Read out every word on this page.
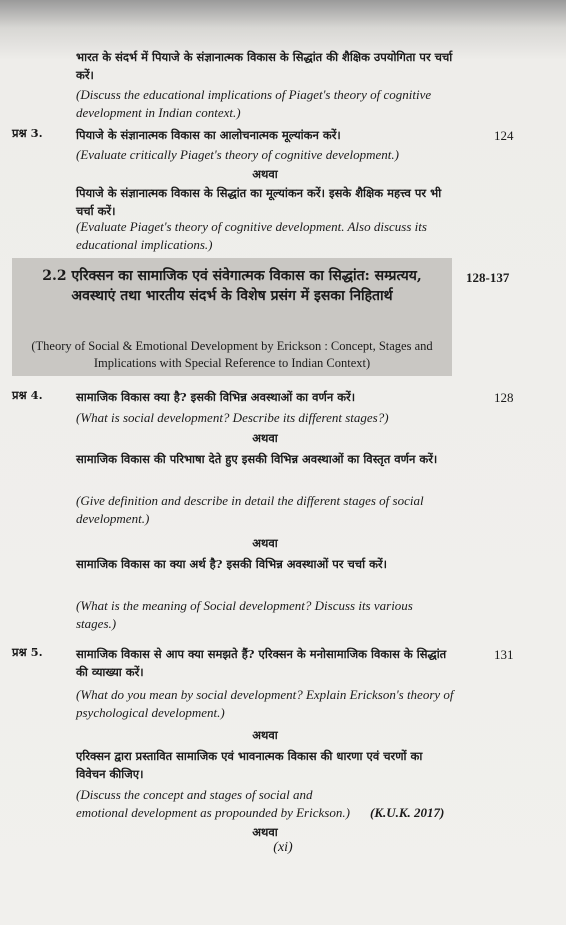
भारत के संदर्भ में पियाजे के संज्ञानात्मक विकास के सिद्धांत की शैक्षिक उपयोगिता पर चर्चा करें।
(Discuss the educational implications of Piaget's theory of cognitive development in Indian context.)
प्रश्न 3.	124
पियाजे के संज्ञानात्मक विकास का आलोचनात्मक मूल्यांकन करें।
(Evaluate critically Piaget's theory of cognitive development.)
अथवा
पियाजे के संज्ञानात्मक विकास के सिद्धांत का मूल्यांकन करें। इसके शैक्षिक महत्त्व पर भी चर्चा करें।
(Evaluate Piaget's theory of cognitive development. Also discuss its educational implications.)
2.2 एरिक्सन का सामाजिक एवं संवेगात्मक विकास का सिद्धांत: सम्प्रत्यय, अवस्थाएं तथा भारतीय संदर्भ के विशेष प्रसंग में इसका निहितार्थ
(Theory of Social & Emotional Development by Erickson : Concept, Stages and Implications with Special Reference to Indian Context)
128-137
प्रश्न 4.	128
सामाजिक विकास क्या है? इसकी विभिन्न अवस्थाओं का वर्णन करें।
(What is social development? Describe its different stages?)
अथवा
सामाजिक विकास की परिभाषा देते हुए इसकी विभिन्न अवस्थाओं का विस्तृत वर्णन करें।
(Give definition and describe in detail the different stages of social development.)
अथवा
सामाजिक विकास का क्या अर्थ है? इसकी विभिन्न अवस्थाओं पर चर्चा करें।
(What is the meaning of Social development? Discuss its various stages.)
प्रश्न 5.	131
सामाजिक विकास से आप क्या समझते हैं? एरिक्सन के मनोसामाजिक विकास के सिद्धांत की व्याख्या करें।
(What do you mean by social development? Explain Erickson's theory of psychological development.)
अथवा
एरिक्सन द्वारा प्रस्तावित सामाजिक एवं भावनात्मक विकास की धारणा एवं चरणों का विवेचन कीजिए।
(Discuss the concept and stages of social and emotional development as propounded by Erickson.)	(K.U.K. 2017)
अथवा
(xi)
